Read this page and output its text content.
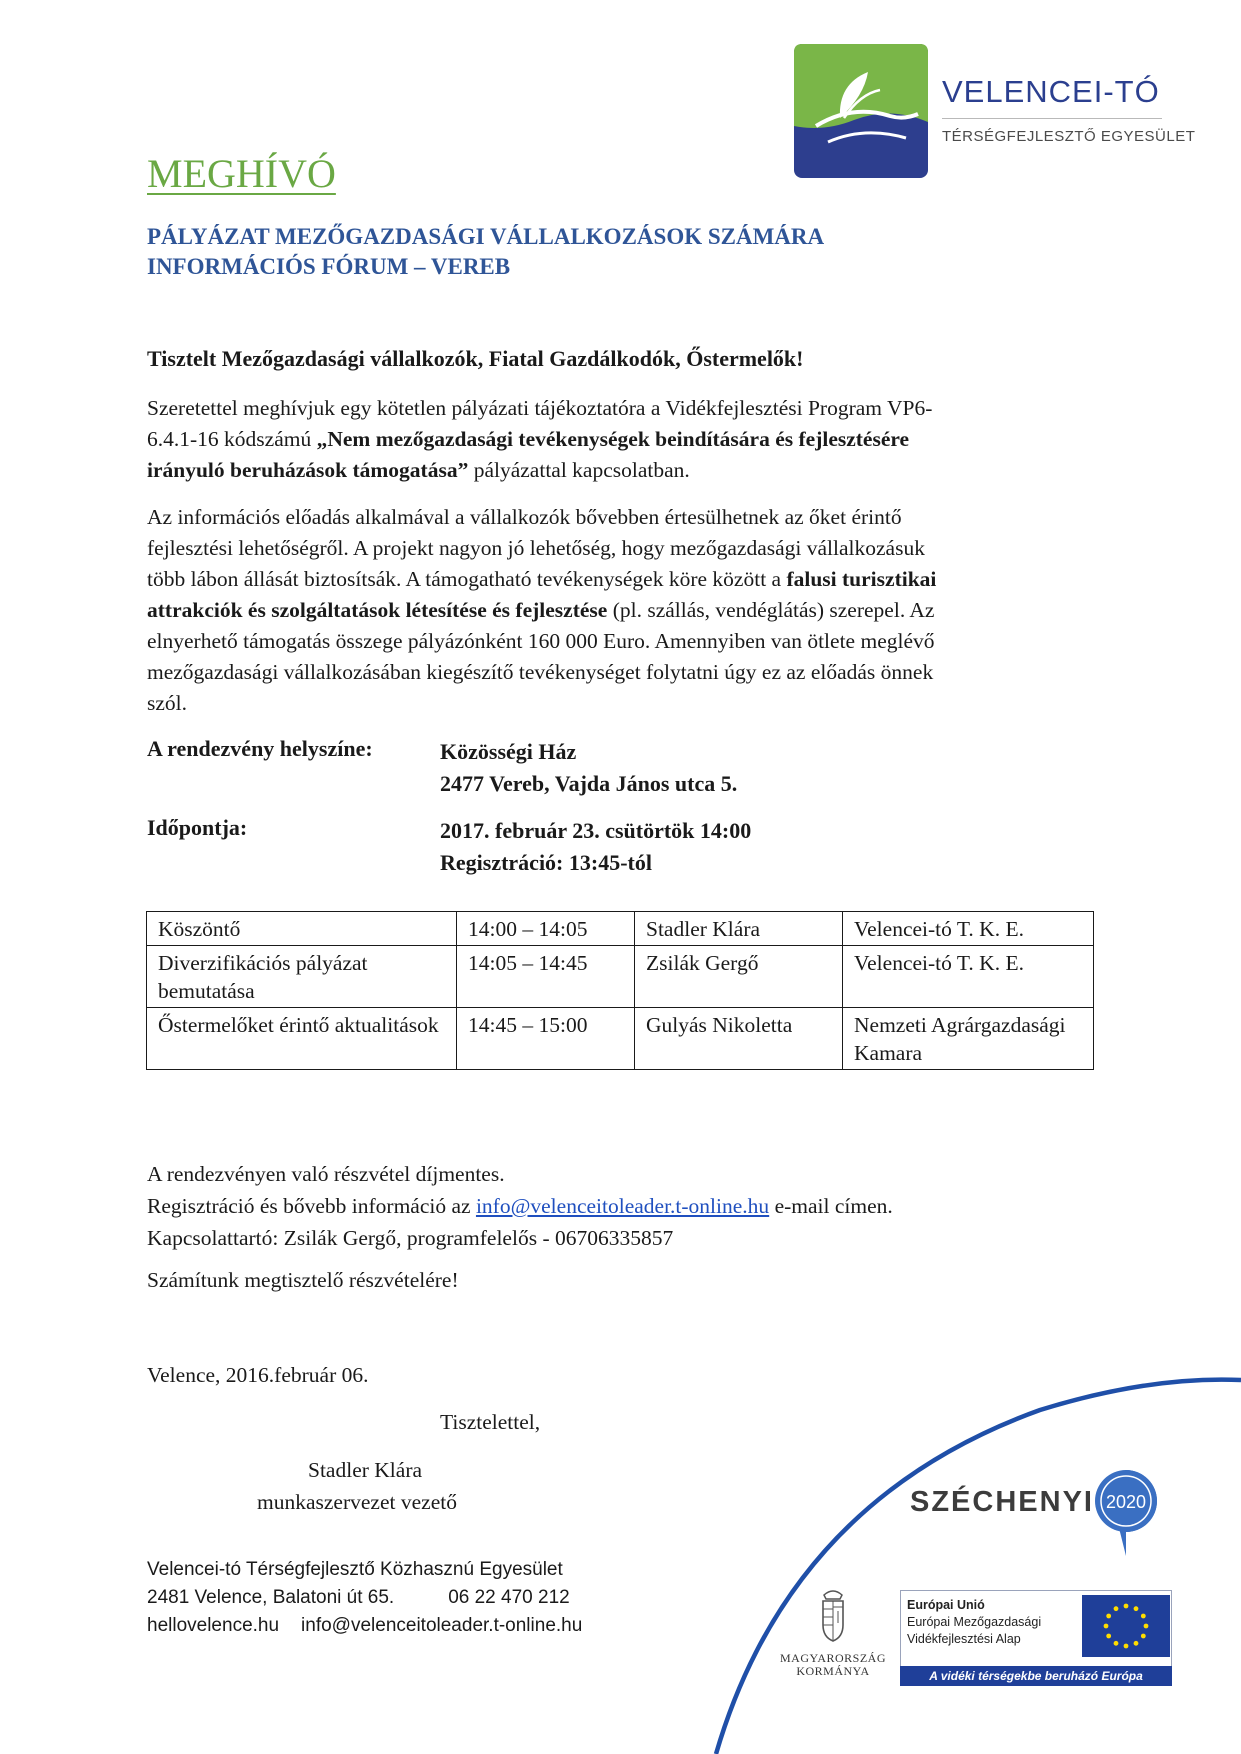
VELENCEI-TÓ
TÉRSÉGFEJLESZTŐ EGYESÜLET
MEGHÍVÓ
PÁLYÁZAT MEZŐGAZDASÁGI VÁLLALKOZÁSOK SZÁMÁRA
INFORMÁCIÓS FÓRUM – VEREB
Tisztelt Mezőgazdasági vállalkozók, Fiatal Gazdálkodók, Őstermelők!
Szeretettel meghívjuk egy kötetlen pályázati tájékoztatóra a Vidékfejlesztési Program VP6-
6.4.1-16 kódszámú „Nem mezőgazdasági tevékenységek beindítására és fejlesztésére
irányuló beruházások támogatása” pályázattal kapcsolatban.
Az információs előadás alkalmával a vállalkozók bővebben értesülhetnek az őket érintő
fejlesztési lehetőségről. A projekt nagyon jó lehetőség, hogy mezőgazdasági vállalkozásuk
több lábon állását biztosítsák. A támogatható tevékenységek köre között a falusi turisztikai
attrakciók és szolgáltatások létesítése és fejlesztése (pl. szállás, vendéglátás) szerepel. Az
elnyerhető támogatás összege pályázónként 160 000 Euro. Amennyiben van ötlete meglévő
mezőgazdasági vállalkozásában kiegészítő tevékenységet folytatni úgy ez az előadás önnek
szól.
A rendezvény helyszíne:	Közösségi Ház
2477 Vereb, Vajda János utca 5.
Időpontja:	2017. február 23. csütörtök 14:00
Regisztráció: 13:45-tól
Köszöntő	14:00 – 14:05	Stadler Klára	Velencei-tó T. K. E.
Diverzifikációs pályázat bemutatása	14:05 – 14:45	Zsilák Gergő	Velencei-tó T. K. E.
Őstermelőket érintő aktualitások	14:45 – 15:00	Gulyás Nikoletta	Nemzeti Agrárgazdasági Kamara
A rendezvényen való részvétel díjmentes.
Regisztráció és bővebb információ az info@velenceitoleader.t-online.hu e-mail címen.
Kapcsolattartó: Zsilák Gergő, programfelelős - 06706335857
Számítunk megtisztelő részvételére!
Velence, 2016.február 06.
Tisztelettel,
Stadler Klára
munkaszervezet vezető
Velencei-tó Térségfejlesztő Közhasznú Egyesület
2481 Velence, Balatoni út 65.	06 22 470 212
hellovelence.hu info@velenceitoleader.t-online.hu
SZÉCHENYI 2020
MAGYARORSZÁG
KORMÁNYA
Európai Unió
Európai Mezőgazdasági
Vidékfejlesztési Alap
A vidéki térségekbe beruházó Európa
